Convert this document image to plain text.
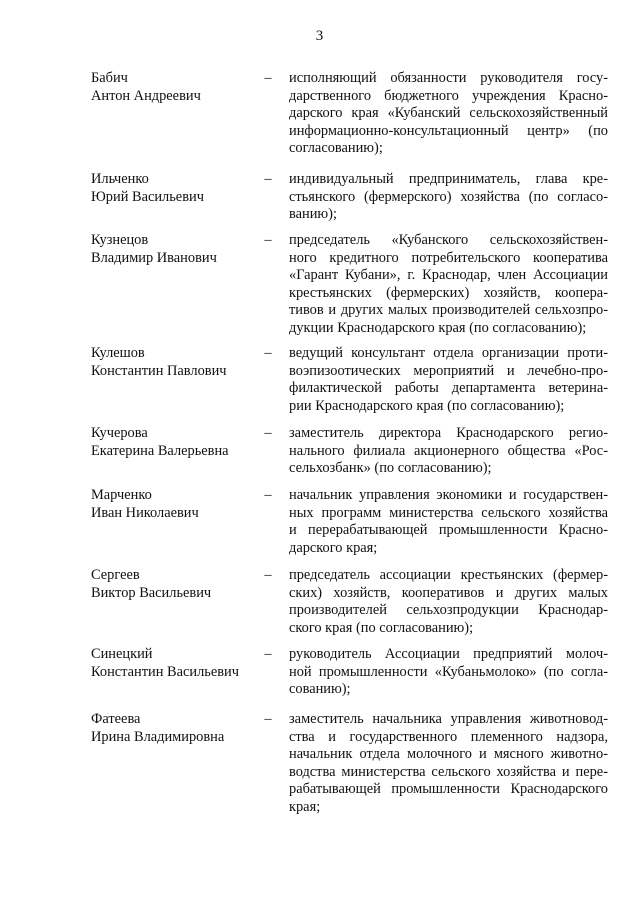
3
Бабич
Антон Андреевич
– исполняющий обязанности руководителя госу-
дарственного бюджетного учреждения Красно-
дарского края «Кубанский сельскохозяйственный
информационно-консультационный центр» (по
согласованию);
Ильченко
Юрий Васильевич
– индивидуальный предприниматель, глава кре-
стьянского (фермерского) хозяйства (по согласо-
ванию);
Кузнецов
Владимир Иванович
– председатель «Кубанского сельскохозяйствен-
ного кредитного потребительского кооператива
«Гарант Кубани», г. Краснодар, член Ассоциации
крестьянских (фермерских) хозяйств, коопера-
тивов и других малых производителей сельхозпро-
дукции Краснодарского края (по согласованию);
Кулешов
Константин Павлович
– ведущий консультант отдела организации проти-
воэпизоотических мероприятий и лечебно-про-
филактической работы департамента ветерина-
рии Краснодарского края (по согласованию);
Кучерова
Екатерина Валерьевна
– заместитель директора Краснодарского регио-
нального филиала акционерного общества «Рос-
сельхозбанк» (по согласованию);
Марченко
Иван Николаевич
– начальник управления экономики и государствен-
ных программ министерства сельского хозяйства
и перерабатывающей промышленности Красно-
дарского края;
Сергеев
Виктор Васильевич
– председатель ассоциации крестьянских (фермер-
ских) хозяйств, кооперативов и других малых
производителей сельхозпродукции Краснодар-
ского края (по согласованию);
Синецкий
Константин Васильевич
– руководитель Ассоциации предприятий молоч-
ной промышленности «Кубаньмолоко» (по согла-
сованию);
Фатеева
Ирина Владимировна
– заместитель начальника управления животновод-
ства и государственного племенного надзора,
начальник отдела молочного и мясного животно-
водства министерства сельского хозяйства и пере-
рабатывающей промышленности Краснодарского
края;
